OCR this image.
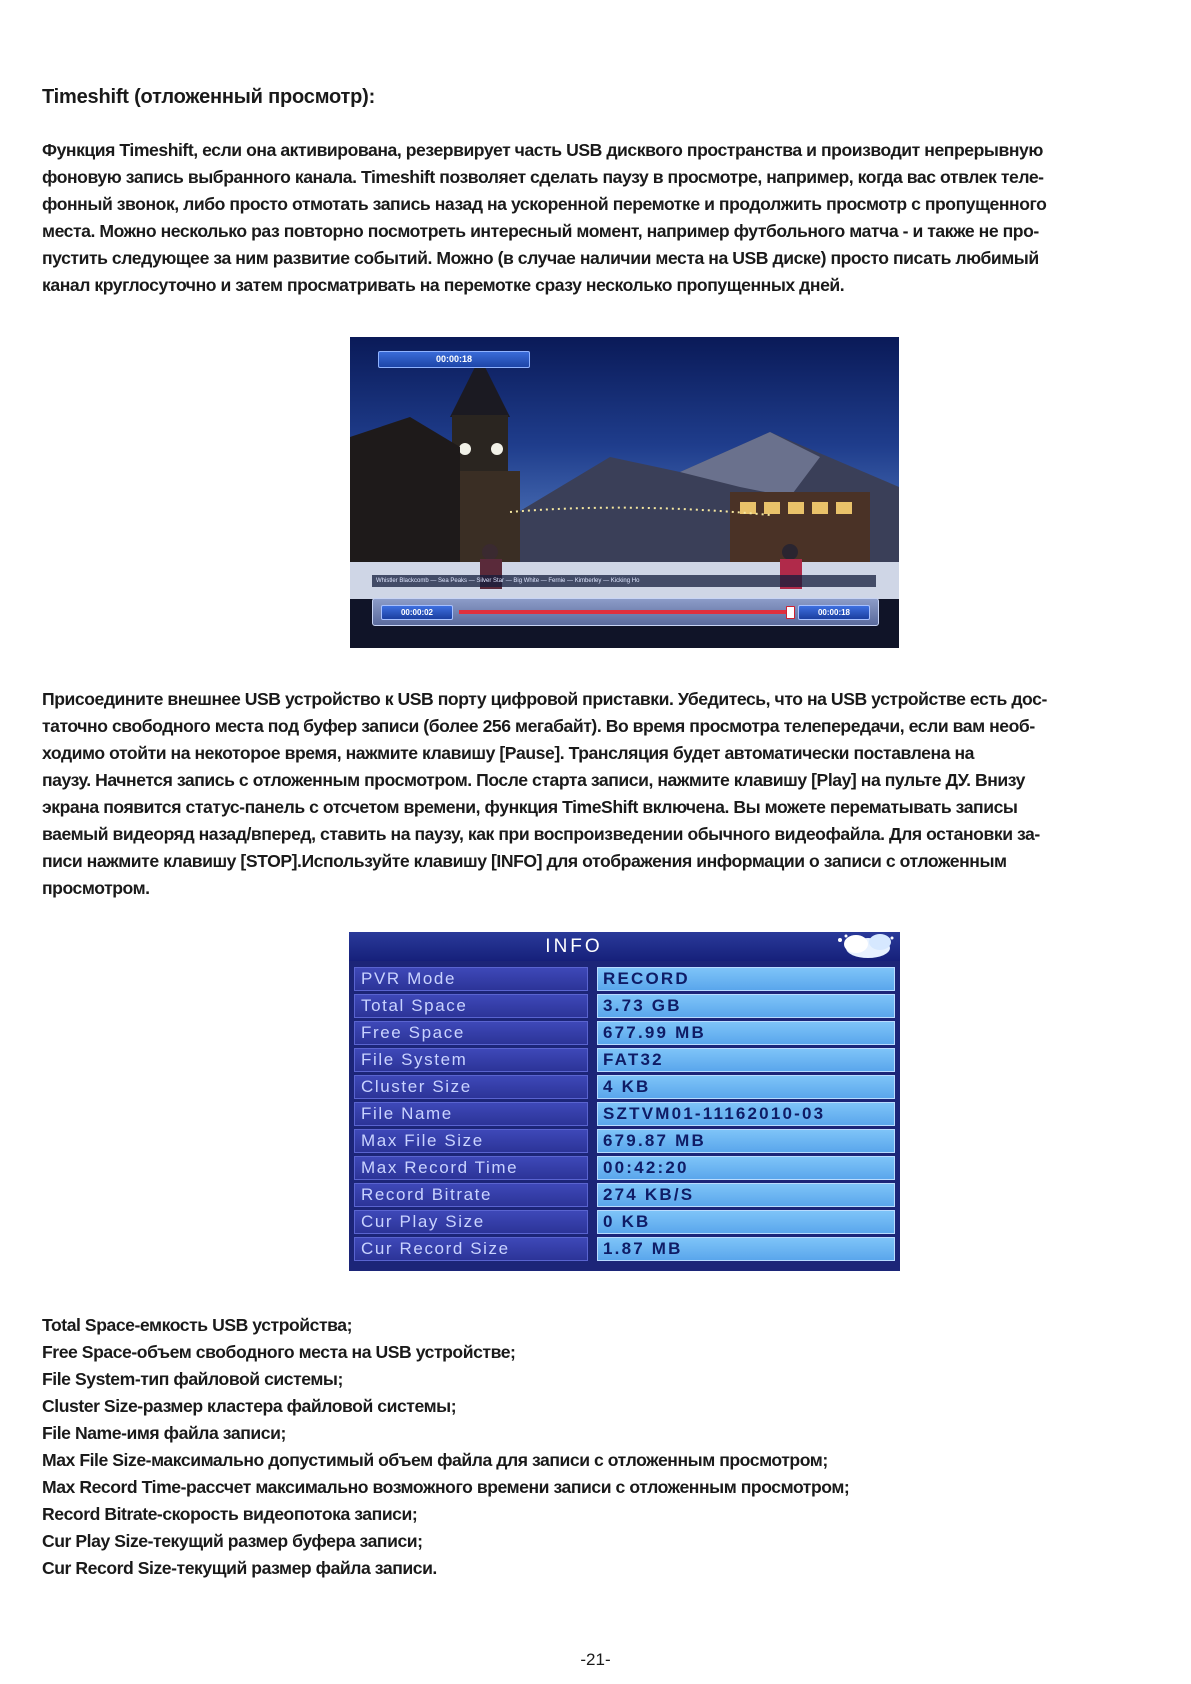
Timeshift (отложенный просмотр):

Функция Timeshift, если она активирована, резервирует часть USB дисквого пространства и производит непрерывную
фоновую запись выбранного канала. Timeshift позволяет сделать паузу в просмотре, например, когда вас отвлек теле-
фонный звонок, либо просто отмотать запись назад на ускоренной перемотке и продолжить просмотр с пропущенного
места. Можно несколько раз повторно посмотреть интересный момент, например футбольного матча - и также не про-
пустить следующее за ним развитие событий. Можно (в случае наличии места на USB диске) просто писать любимый
канал круглосуточно и затем просматривать на перемотке сразу несколько пропущенных дней.

00:00:18
Whistler Blackcomb — Sea Peaks — Silver Star — Big White — Fernie — Kimberley — Kicking Ho
00:00:02	00:00:18

Присоедините внешнее USB устройство к USB порту цифровой приставки. Убедитесь, что на USB устройстве есть дос-
таточно свободного места под буфер записи (более 256 мегабайт). Во время просмотра телепередачи, если вам необ-
ходимо отойти на некоторое время, нажмите клавишу [Pause]. Трансляция будет автоматически поставлена на
паузу. Начнется запись с отложенным просмотром. После старта записи, нажмите клавишу [Play] на пульте ДУ. Внизу
экрана появится статус-панель с отсчетом времени, функция TimeShift включена. Вы можете перематывать записы
ваемый видеоряд назад/вперед, ставить на паузу, как при воспроизведении обычного видеофайла. Для остановки за-
писи нажмите клавишу [STOP].Используйте клавишу [INFO] для отображения информации о записи с отложенным
просмотром.

INFO
PVR Mode	RECORD
Total Space	3.73 GB
Free Space	677.99 MB
File System	FAT32
Cluster Size	4 KB
File Name	SZTVM01-11162010-03
Max File Size	679.87 MB
Max Record Time	00:42:20
Record Bitrate	274 KB/S
Cur Play Size	0 KB
Cur Record Size	1.87 MB
Total Space-емкость USB устройства;
Free Space-объем свободного места на USB устройстве;
File System-тип файловой системы;
Cluster Size-размер кластера файловой системы;
File Name-имя файла записи;
Max File Size-максимально допустимый объем файла для записи с отложенным просмотром;
Max Record Time-рассчет максимально возможного времени записи с отложенным просмотром;
Record Bitrate-скорость видеопотока записи;
Cur Play Size-текущий размер буфера записи;
Cur Record Size-текущий размер файла записи.
-21-
